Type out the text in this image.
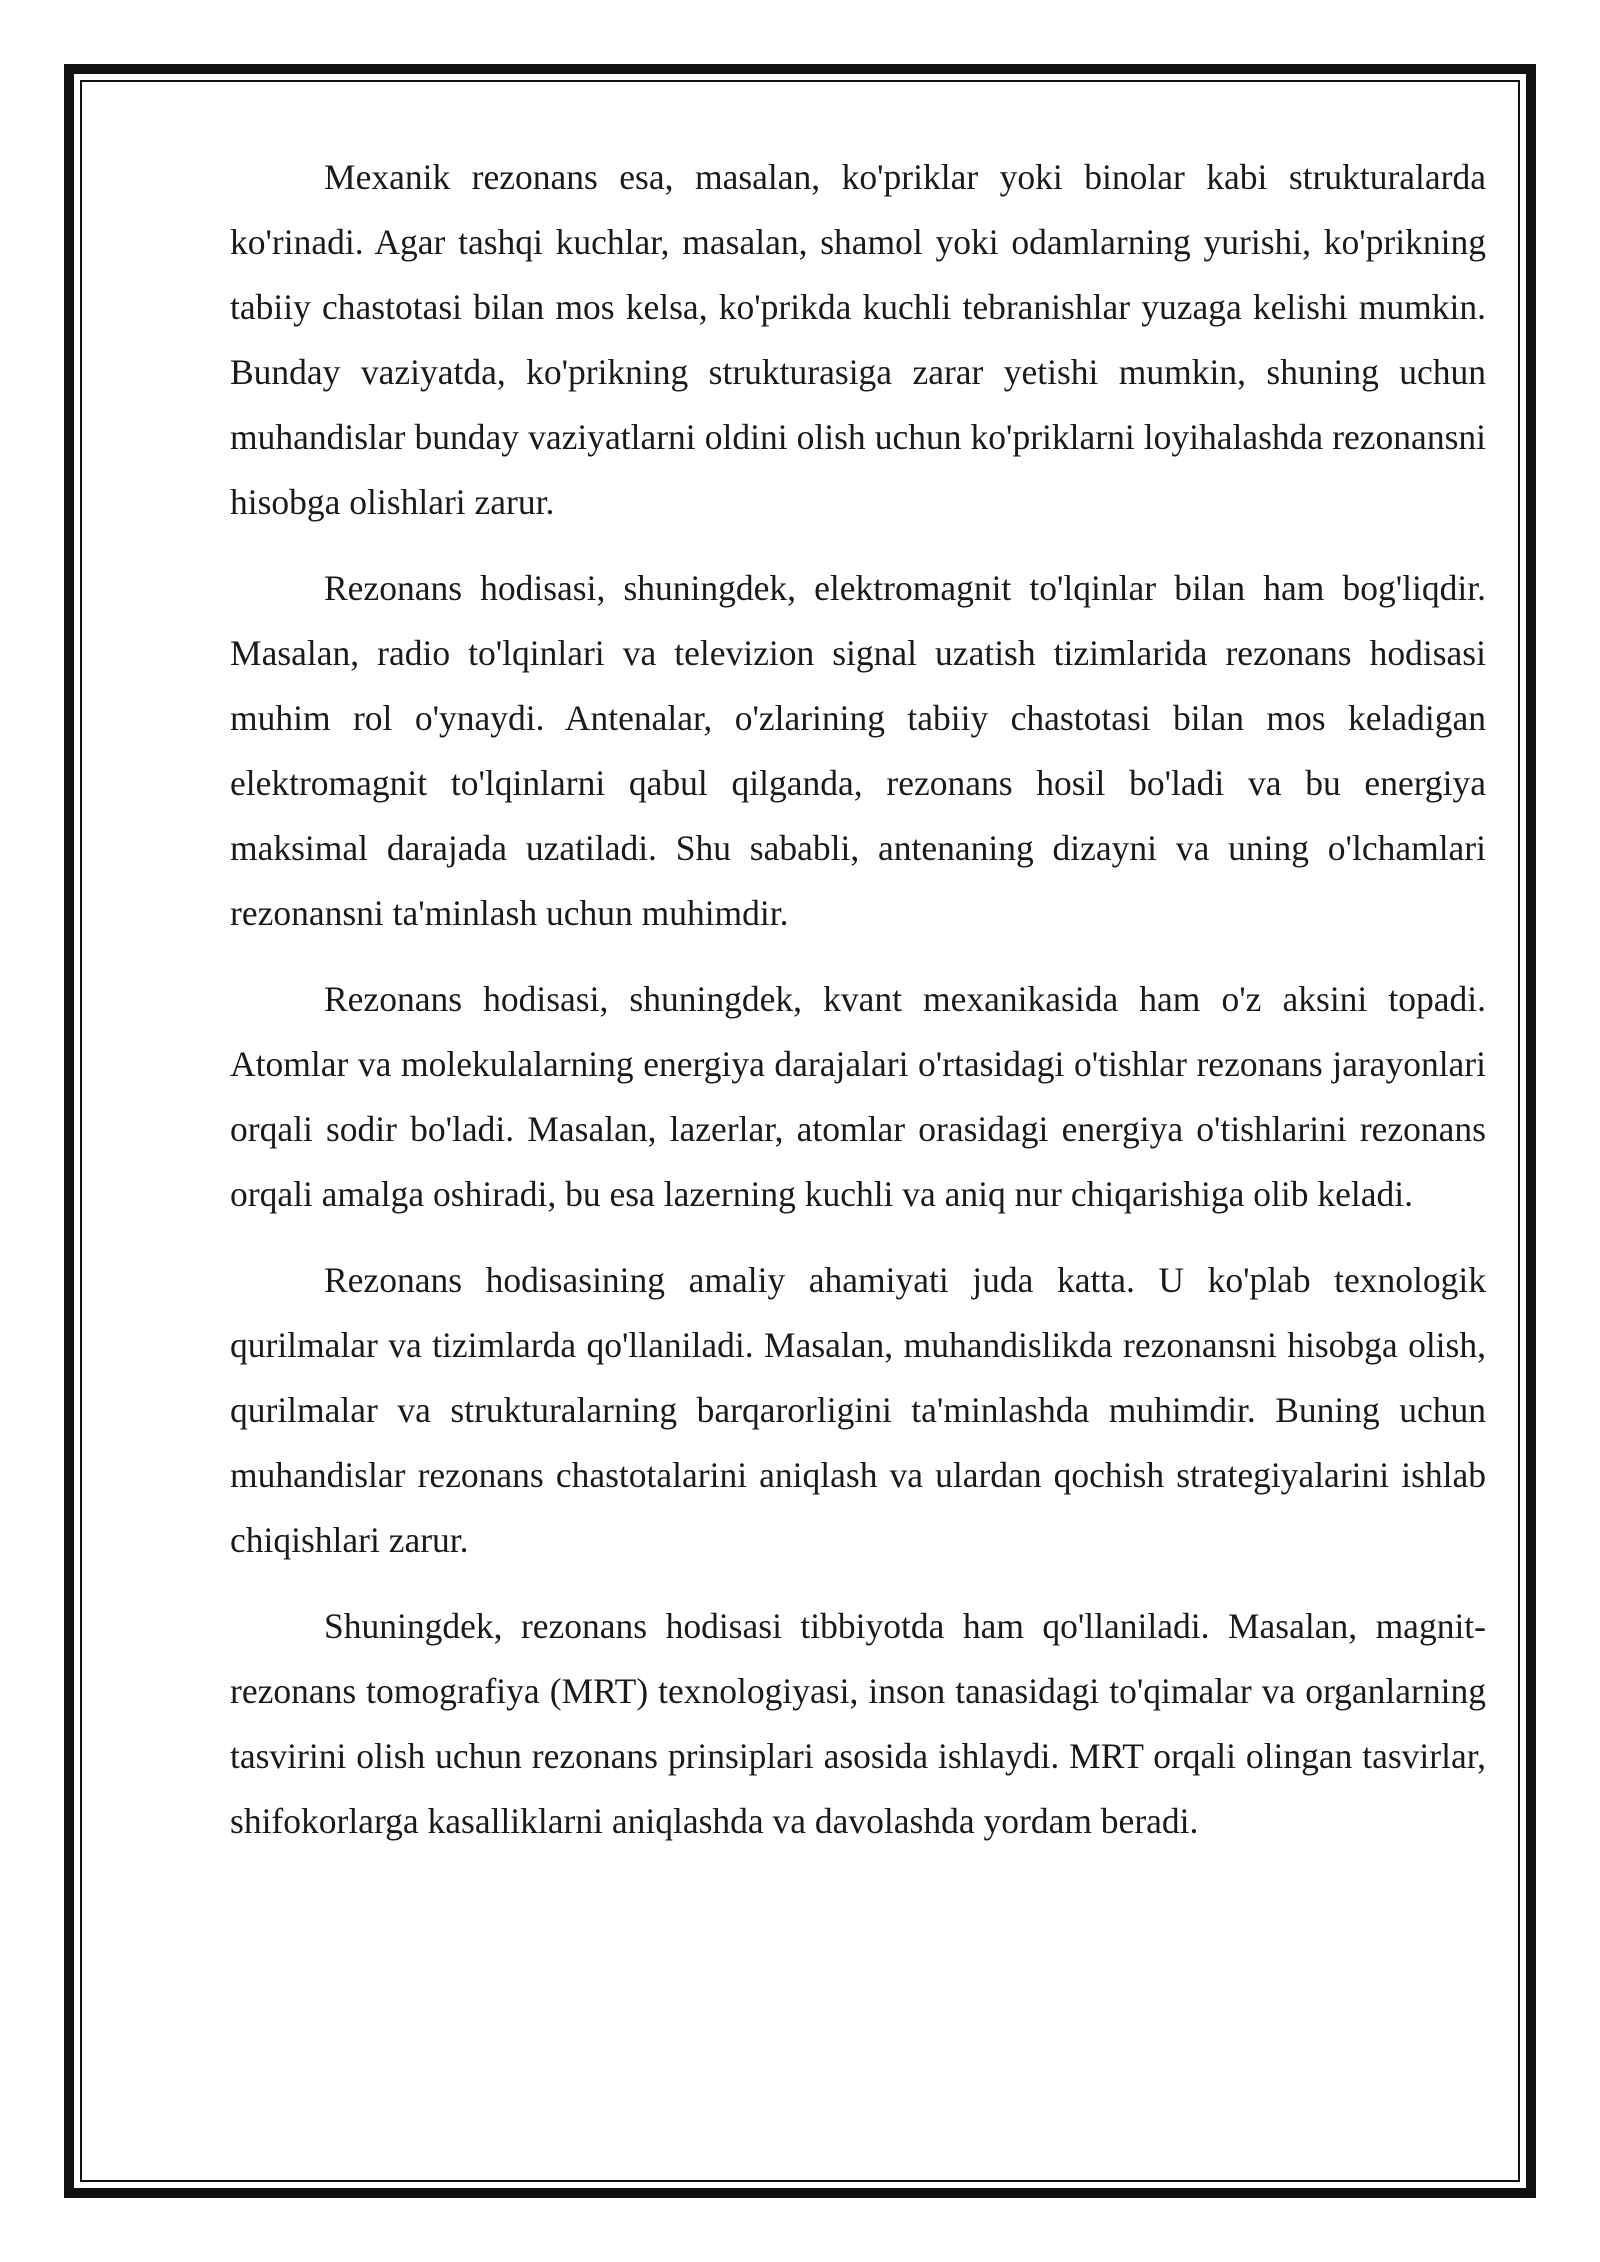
Mexanik rezonans esa, masalan, ko'priklar yoki binolar kabi strukturalarda ko'rinadi. Agar tashqi kuchlar, masalan, shamol yoki odamlarning yurishi, ko'prikning tabiiy chastotasi bilan mos kelsa, ko'prikda kuchli tebranishlar yuzaga kelishi mumkin. Bunday vaziyatda, ko'prikning strukturasiga zarar yetishi mumkin, shuning uchun muhandislar bunday vaziyatlarni oldini olish uchun ko'priklarni loyihalashda rezonansni hisobga olishlari zarur.

Rezonans hodisasi, shuningdek, elektromagnit to'lqinlar bilan ham bog'liqdir. Masalan, radio to'lqinlari va televizion signal uzatish tizimlarida rezonans hodisasi muhim rol o'ynaydi. Antenalar, o'zlarining tabiiy chastotasi bilan mos keladigan elektromagnit to'lqinlarni qabul qilganda, rezonans hosil bo'ladi va bu energiya maksimal darajada uzatiladi. Shu sababli, antenaning dizayni va uning o'lchamlari rezonansni ta'minlash uchun muhimdir.

Rezonans hodisasi, shuningdek, kvant mexanikasida ham o'z aksini topadi. Atomlar va molekulalarning energiya darajalari o'rtasidagi o'tishlar rezonans jarayonlari orqali sodir bo'ladi. Masalan, lazerlar, atomlar orasidagi energiya o'tishlarini rezonans orqali amalga oshiradi, bu esa lazerning kuchli va aniq nur chiqarishiga olib keladi.

Rezonans hodisasining amaliy ahamiyati juda katta. U ko'plab texnologik qurilmalar va tizimlarda qo'llaniladi. Masalan, muhandislikda rezonansni hisobga olish, qurilmalar va strukturalarning barqarorligini ta'minlashda muhimdir. Buning uchun muhandislar rezonans chastotalarini aniqlash va ulardan qochish strategiyalarini ishlab chiqishlari zarur.

Shuningdek, rezonans hodisasi tibbiyotda ham qo'llaniladi. Masalan, magnit-rezonans tomografiya (MRT) texnologiyasi, inson tanasidagi to'qimalar va organlarning tasvirini olish uchun rezonans prinsiplari asosida ishlaydi. MRT orqali olingan tasvirlar, shifokorlarga kasalliklarni aniqlashda va davolashda yordam beradi.
